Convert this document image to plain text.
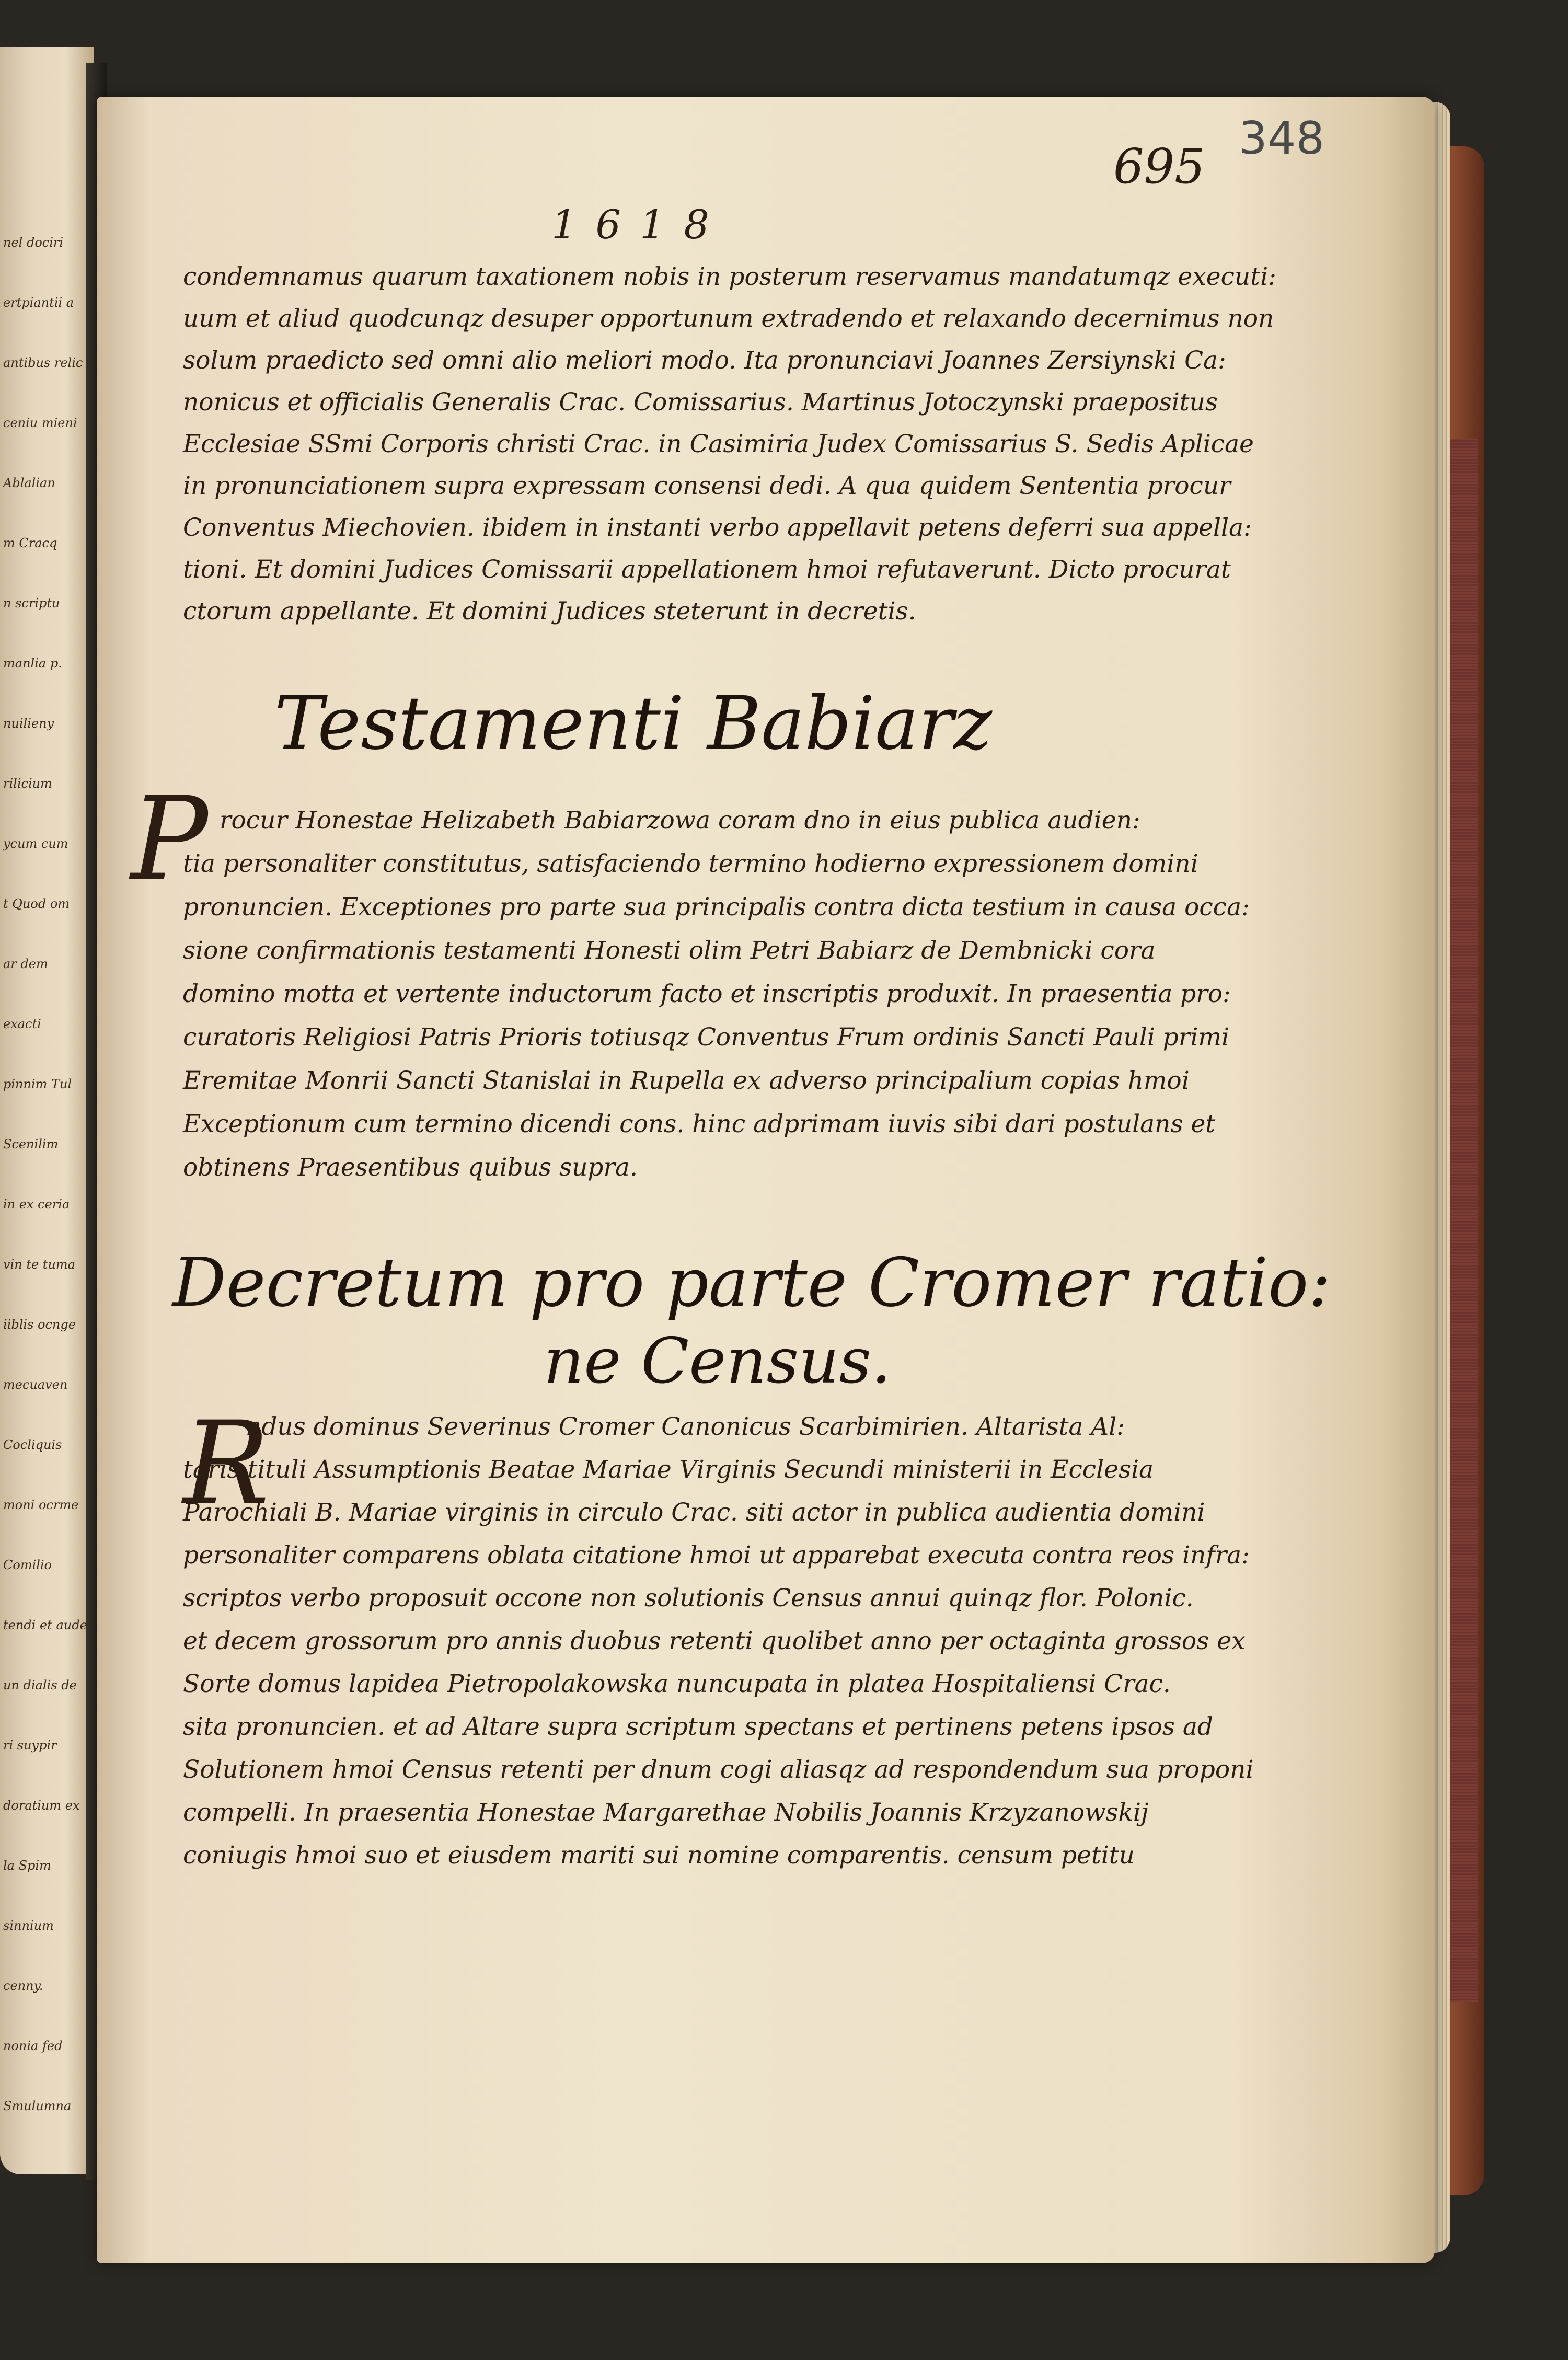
nel dociri
ertpiantii a
antibus relic
ceniu mieni
Ablalian
m Cracq
n scriptu
manlia p.
nuilieny
rilicium
ycum cum
t Quod om
ar dem
exacti
pinnim Tul
Scenilim
in ex ceria
vin te tuma
iiblis ocnge
mecuaven
Cocliquis
moni ocrme
Comilio
tendi et aude
un dialis de
ri suypir
doratium ex
la Spim
sinnium
cenny.
nonia fed
Smulumna
695 348
1 6 1 8
condemnamus quarum taxationem nobis in posterum reservamus mandatumqz executi:
uum et aliud quodcunqz desuper opportunum extradendo et relaxando decernimus non
solum praedicto sed omni alio meliori modo. Ita pronunciavi Joannes Zersiynski Ca:
nonicus et officialis Generalis Crac. Comissarius. Martinus Jotoczynski praepositus
Ecclesiae SSmi Corporis christi Crac. in Casimiria Judex Comissarius S. Sedis Aplicae
in pronunciationem supra expressam consensi dedi. A qua quidem Sententia procur
Conventus Miechovien. ibidem in instanti verbo appellavit petens deferri sua appella:
tioni. Et domini Judices Comissarii appellationem hmoi refutaverunt. Dicto procurat
ctorum appellante. Et domini Judices steterunt in decretis.
Testamenti Babiarz
P rocur Honestae Helizabeth Babiarzowa coram dno in eius publica audien:
tia personaliter constitutus, satisfaciendo termino hodierno expressionem domini
pronuncien. Exceptiones pro parte sua principalis contra dicta testium in causa occa:
sione confirmationis testamenti Honesti olim Petri Babiarz de Dembnicki cora
domino motta et vertente inductorum facto et inscriptis produxit. In praesentia pro:
curatoris Religiosi Patris Prioris totiusqz Conventus Frum ordinis Sancti Pauli primi
Eremitae Monrii Sancti Stanislai in Rupella ex adverso principalium copias hmoi
Exceptionum cum termino dicendi cons. hinc adprimam iuvis sibi dari postulans et
obtinens Praesentibus quibus supra.
Decretum pro parte Cromer ratio:
ne Census.
R
ndus dominus Severinus Cromer Canonicus Scarbimirien. Altarista Al:
taris tituli Assumptionis Beatae Mariae Virginis Secundi ministerii in Ecclesia
Parochiali B. Mariae virginis in circulo Crac. siti actor in publica audientia domini
personaliter comparens oblata citatione hmoi ut apparebat executa contra reos infra:
scriptos verbo proposuit occone non solutionis Census annui quinqz flor. Polonic.
et decem grossorum pro annis duobus retenti quolibet anno per octaginta grossos ex
Sorte domus lapidea Pietropolakowska nuncupata in platea Hospitaliensi Crac.
sita pronuncien. et ad Altare supra scriptum spectans et pertinens petens ipsos ad
Solutionem hmoi Census retenti per dnum cogi aliasqz ad respondendum sua proponi
compelli. In praesentia Honestae Margarethae Nobilis Joannis Krzyzanowskij
coniugis hmoi suo et eiusdem mariti sui nomine comparentis. censum petitu
